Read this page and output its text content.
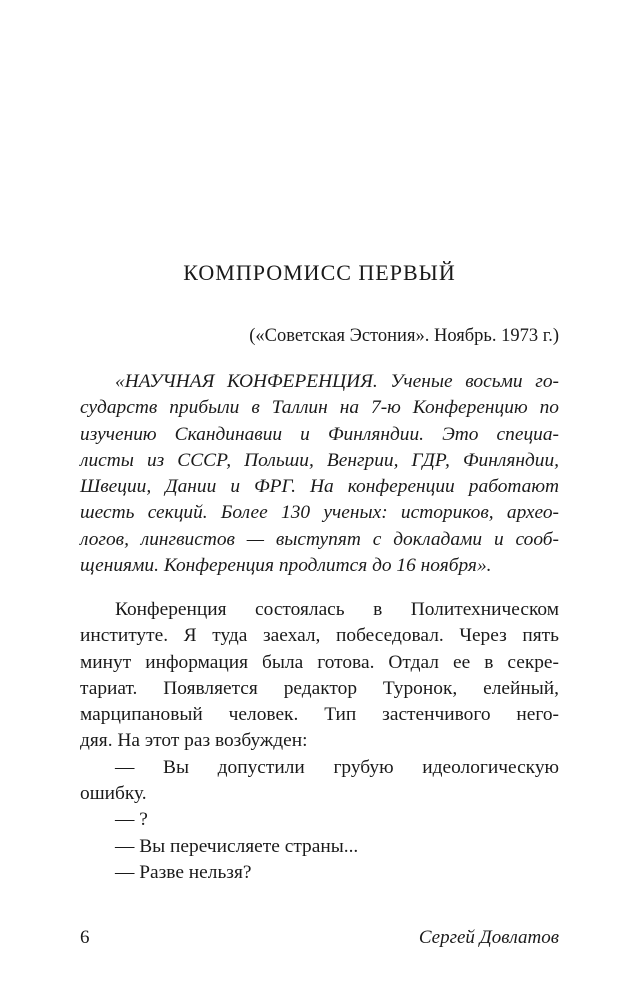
КОМПРОМИСС ПЕРВЫЙ
(«Советская Эстония». Ноябрь. 1973 г.)
«НАУЧНАЯ КОНФЕРЕНЦИЯ. Ученые восьми го-
сударств прибыли в Таллин на 7-ю Конференцию по
изучению Скандинавии и Финляндии. Это специа-
листы из СССР, Польши, Венгрии, ГДР, Финляндии,
Швеции, Дании и ФРГ. На конференции работают
шесть секций. Более 130 ученых: историков, архео-
логов, лингвистов — выступят с докладами и сооб-
щениями. Конференция продлится до 16 ноября».
Конференция состоялась в Политехническом
институте. Я туда заехал, побеседовал. Через пять
минут информация была готова. Отдал ее в секре-
тариат. Появляется редактор Туронок, елейный,
марципановый человек. Тип застенчивого него-
дяя. На этот раз возбужден:
— Вы допустили грубую идеологическую
ошибку.
— ?
— Вы перечисляете страны...
— Разве нельзя?
6	Сергей Довлатов
